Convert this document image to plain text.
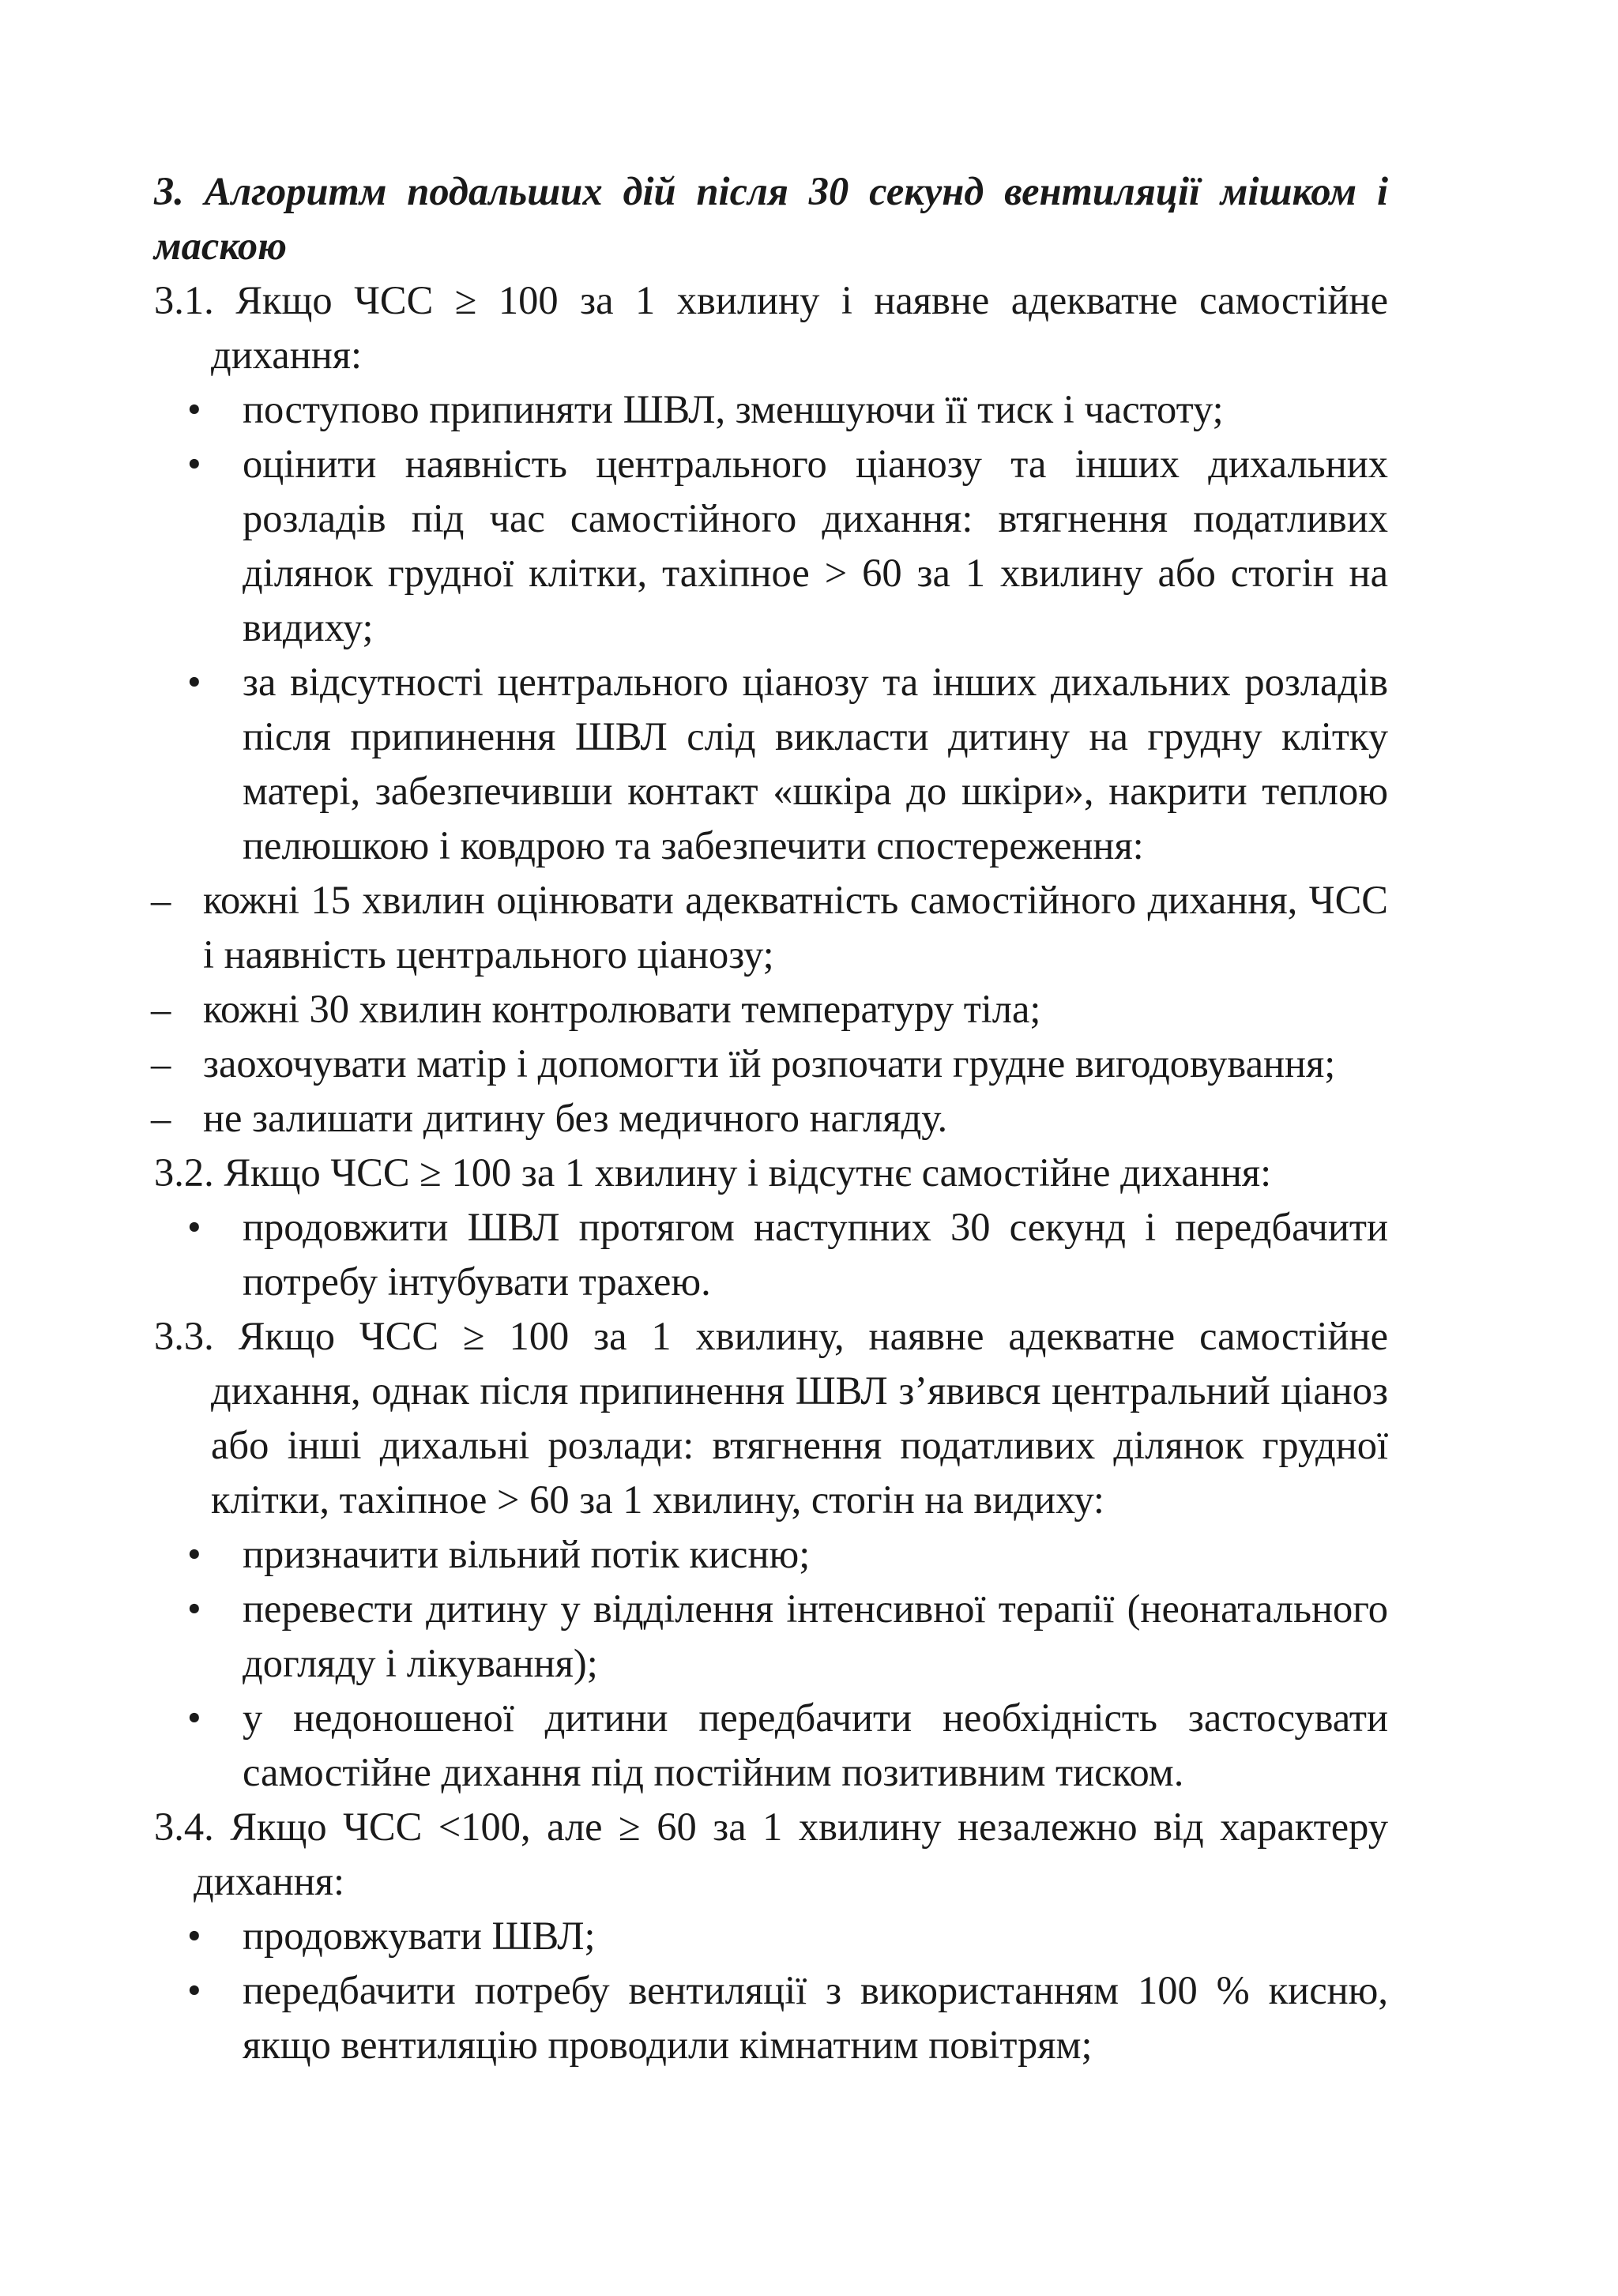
3. Алгоритм подальших дій після 30 секунд вентиляції мішком і маскою

3.1. Якщо ЧСС ≥ 100 за 1 хвилину і наявне адекватне самостійне дихання:

• поступово припиняти ШВЛ, зменшуючи її тиск і частоту;
• оцінити наявність центрального ціанозу та інших дихальних розладів під час самостійного дихання: втягнення податливих ділянок грудної клітки, тахіпное > 60 за 1 хвилину або стогін на видиху;
• за відсутності центрального ціанозу та інших дихальних розладів після припинення ШВЛ слід викласти дитину на грудну клітку матері, забезпечивши контакт «шкіра до шкіри», накрити теплою пелюшкою і ковдрою та забезпечити спостереження:
– кожні 15 хвилин оцінювати адекватність самостійного дихання, ЧСС і наявність центрального ціанозу;
– кожні 30 хвилин контролювати температуру тіла;
– заохочувати матір і допомогти їй розпочати грудне вигодовування;
– не залишати дитину без медичного нагляду.

3.2. Якщо ЧСС ≥ 100 за 1 хвилину і відсутнє самостійне дихання:

• продовжити ШВЛ протягом наступних 30 секунд і передбачити потребу інтубувати трахею.

3.3. Якщо ЧСС ≥ 100 за 1 хвилину, наявне адекватне самостійне дихання, однак після припинення ШВЛ з’явився центральний ціаноз або інші дихальні розлади: втягнення податливих ділянок грудної клітки, тахіпное > 60 за 1 хвилину, стогін на видиху:

• призначити вільний потік кисню;
• перевести дитину у відділення інтенсивної терапії (неонатального догляду і лікування);
• у недоношеної дитини передбачити необхідність застосувати самостійне дихання під постійним позитивним тиском.

3.4. Якщо ЧСС <100, але ≥ 60 за 1 хвилину незалежно від характеру дихання:

• продовжувати ШВЛ;
• передбачити потребу вентиляції з використанням 100 % кисню, якщо вентиляцію проводили кімнатним повітрям;
